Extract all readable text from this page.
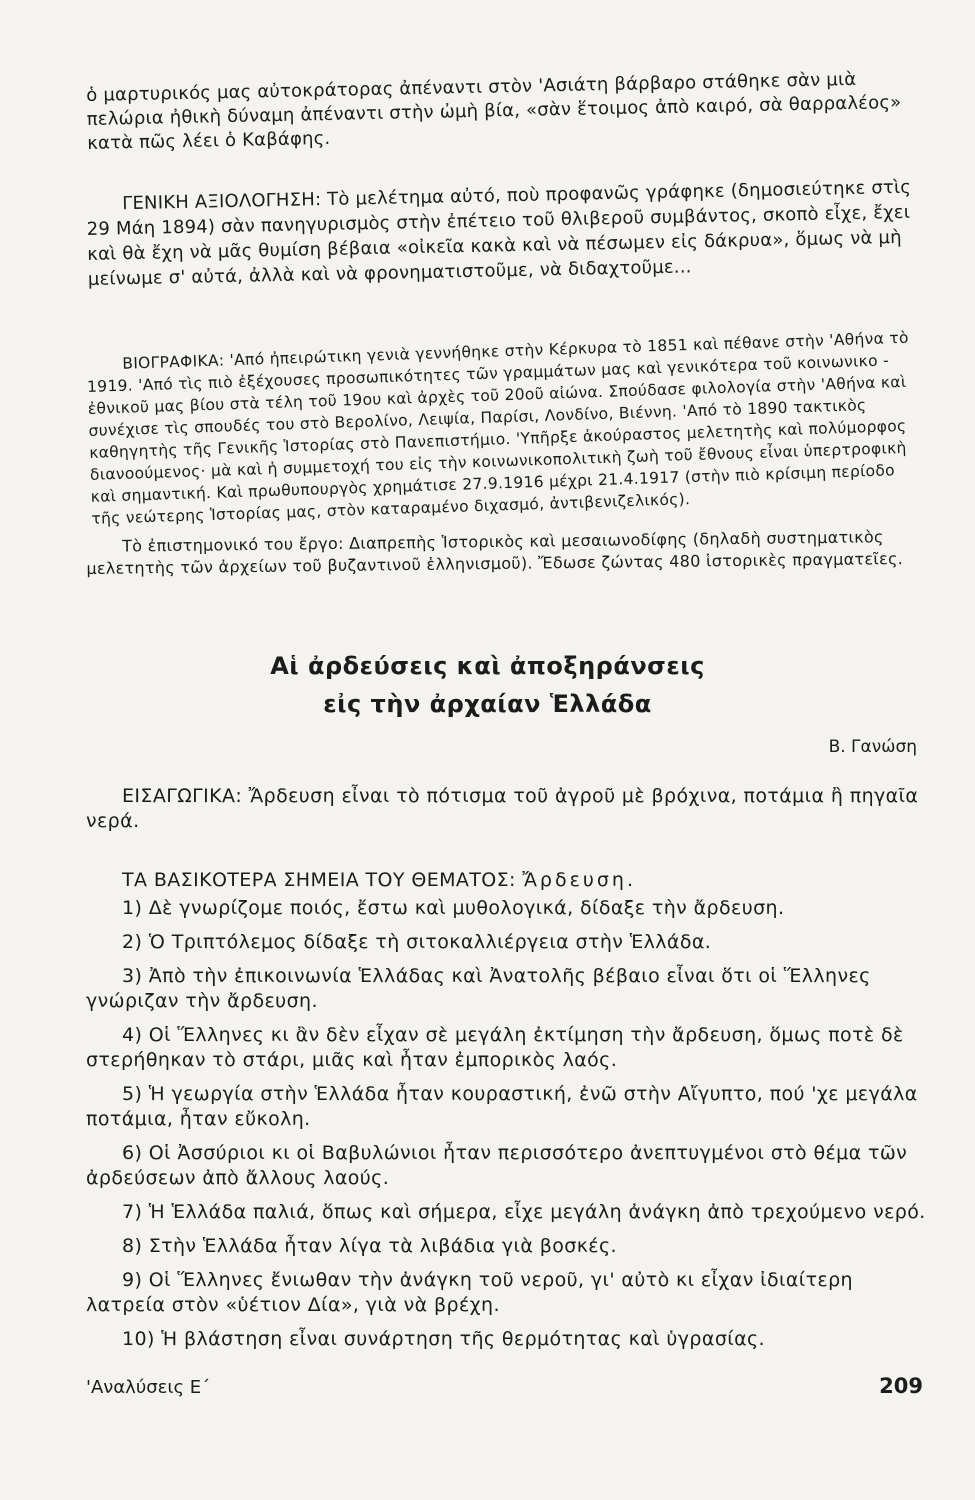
ὁ μαρτυρικός μας αὐτοκράτορας ἀπέναντι στὸν 'Ασιάτη βάρβαρο στάθηκε σὰν μιὰ πελώρια ἠθικὴ δύναμη ἀπέναντι στὴν ὠμὴ βία, «σὰν ἕτοιμος ἀπὸ καιρό, σὰ θαρραλέος» κατὰ πῶς λέει ὁ Καβάφης.

ΓΕΝΙΚΗ ΑΞΙΟΛΟΓΗΣΗ: Τὸ μελέτημα αὐτό, ποὺ προφανῶς γράφηκε (δημοσιεύτηκε στὶς 29 Μάη 1894) σὰν πανηγυρισμὸς στὴν ἐπέτειο τοῦ θλιβεροῦ συμβάντος, σκοπὸ εἶχε, ἔχει καὶ θὰ ἔχη νὰ μᾶς θυμίση βέβαια «οἰκεῖα κακὰ καὶ νὰ πέσωμεν εἰς δάκρυα», ὅμως νὰ μὴ μείνωμε σ' αὐτά, ἀλλὰ καὶ νὰ φρονηματιστοῦμε, νὰ διδαχτοῦμε...

ΒΙΟΓΡΑΦΙΚΑ: 'Από ἠπειρώτικη γενιὰ γεννήθηκε στὴν Κέρκυρα τὸ 1851 καὶ πέθανε στὴν 'Αθήνα τὸ 1919. 'Από τὶς πιὸ ἐξέχουσες προσωπικότητες τῶν γραμμάτων μας καὶ γενικότερα τοῦ κοινωνικο - ἐθνικοῦ μας βίου στὰ τέλη τοῦ 19ου καὶ ἀρχὲς τοῦ 20οῦ αἰώνα. Σπούδασε φιλολογία στὴν 'Αθήνα καὶ συνέχισε τὶς σπουδές του στὸ Βερολίνο, Λειψία, Παρίσι, Λονδίνο, Βιέννη. 'Από τὸ 1890 τακτικὸς καθηγητὴς τῆς Γενικῆς Ἱστορίας στὸ Πανεπιστήμιο. 'Υπῆρξε ἀκούραστος μελετητὴς καὶ πολύμορφος διανοούμενος· μὰ καὶ ἡ συμμετοχή του εἰς τὴν κοινωνικοπολιτικὴ ζωὴ τοῦ ἔθνους εἶναι ὑπερτροφικὴ καὶ σημαντική. Καὶ πρωθυπουργὸς χρημάτισε 27.9.1916 μέχρι 21.4.1917 (στὴν πιὸ κρίσιμη περίοδο τῆς νεώτερης Ἱστορίας μας, στὸν καταραμένο διχασμό, ἀντιβενιζελικός).

Τὸ ἐπιστημονικό του ἔργο: Διαπρεπὴς Ἱστορικὸς καὶ μεσαιωνοδίφης (δηλαδὴ συστηματικὸς μελετητὴς τῶν ἀρχείων τοῦ βυζαντινοῦ ἑλληνισμοῦ). Ἔδωσε ζώντας 480 ἱστορικὲς πραγματεῖες.

Αἱ ἀρδεύσεις καὶ ἀποξηράνσεις
εἰς τὴν ἀρχαίαν Ἑλλάδα

Β. Γανώση

ΕΙΣΑΓΩΓΙΚΑ: Ἄρδευση εἶναι τὸ πότισμα τοῦ ἀγροῦ μὲ βρόχινα, ποτάμια ἢ πηγαῖα νερά.

ΤΑ ΒΑΣΙΚΟΤΕΡΑ ΣΗΜΕΙΑ ΤΟΥ ΘΕΜΑΤΟΣ: Ἄρδευση.

1) Δὲ γνωρίζομε ποιός, ἔστω καὶ μυθολογικά, δίδαξε τὴν ἄρδευση.
2) Ὁ Τριπτόλεμος δίδαξε τὴ σιτοκαλλιέργεια στὴν Ἑλλάδα.
3) Ἀπὸ τὴν ἐπικοινωνία Ἑλλάδας καὶ Ἀνατολῆς βέβαιο εἶναι ὅτι οἱ Ἕλληνες γνώριζαν τὴν ἄρδευση.
4) Οἱ Ἕλληνες κι ἂν δὲν εἶχαν σὲ μεγάλη ἐκτίμηση τὴν ἄρδευση, ὅμως ποτὲ δὲ στερήθηκαν τὸ στάρι, μιᾶς καὶ ἦταν ἐμπορικὸς λαός.
5) Ἡ γεωργία στὴν Ἑλλάδα ἦταν κουραστική, ἐνῶ στὴν Αἴγυπτο, πού 'χε μεγάλα ποτάμια, ἦταν εὔκολη.
6) Οἱ Ἀσσύριοι κι οἱ Βαβυλώνιοι ἦταν περισσότερο ἀνεπτυγμένοι στὸ θέμα τῶν ἀρδεύσεων ἀπὸ ἄλλους λαούς.
7) Ἡ Ἑλλάδα παλιά, ὅπως καὶ σήμερα, εἶχε μεγάλη ἀνάγκη ἀπὸ τρεχούμενο νερό.
8) Στὴν Ἑλλάδα ἦταν λίγα τὰ λιβάδια γιὰ βοσκές.
9) Οἱ Ἕλληνες ἔνιωθαν τὴν ἀνάγκη τοῦ νεροῦ, γι' αὐτὸ κι εἶχαν ἰδιαίτερη λατρεία στὸν «ὑέτιον Δία», γιὰ νὰ βρέχη.
10) Ἡ βλάστηση εἶναι συνάρτηση τῆς θερμότητας καὶ ὑγρασίας.

'Αναλύσεις Ε΄	209
